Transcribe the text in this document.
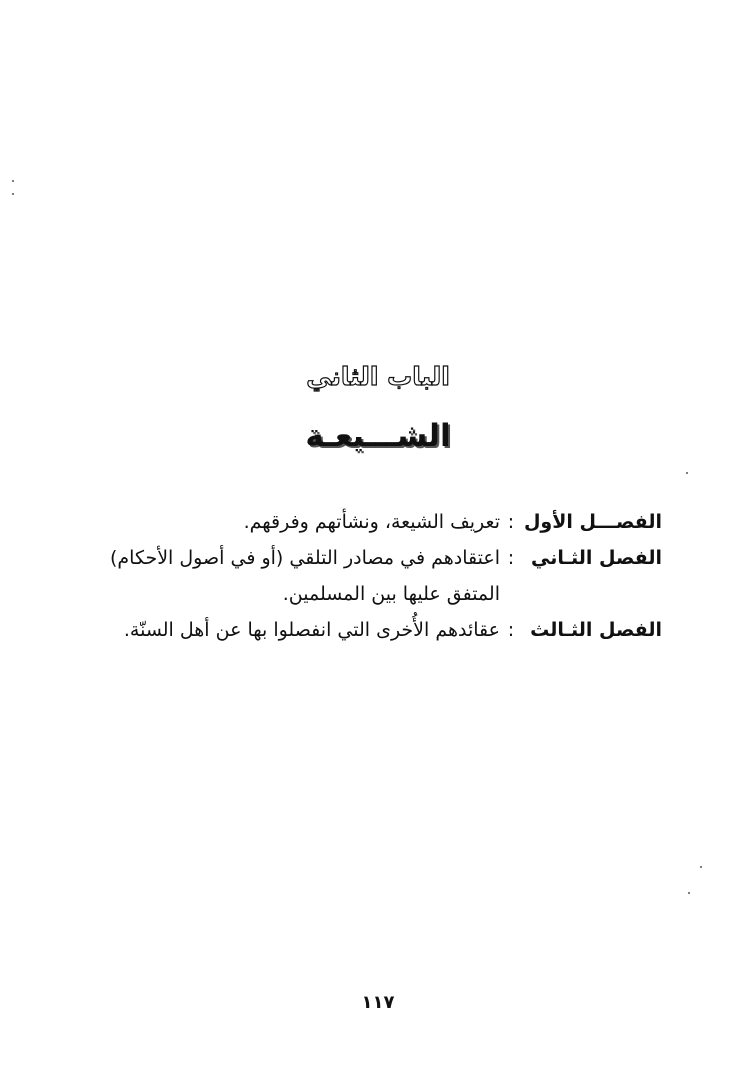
الباب الثاني
الشـــيعـة
الفصـــل الأول
:
تعريف الشيعة، ونشأتهم وفرقهم.
الفصل الثـاني
:
اعتقادهم في مصادر التلقي (أو في أصول الأحكام) المتفق عليها بين المسلمين.
الفصل الثـالث
:
عقائدهم الأُخرى التي انفصلوا بها عن أهل السنّة.
١١٧
